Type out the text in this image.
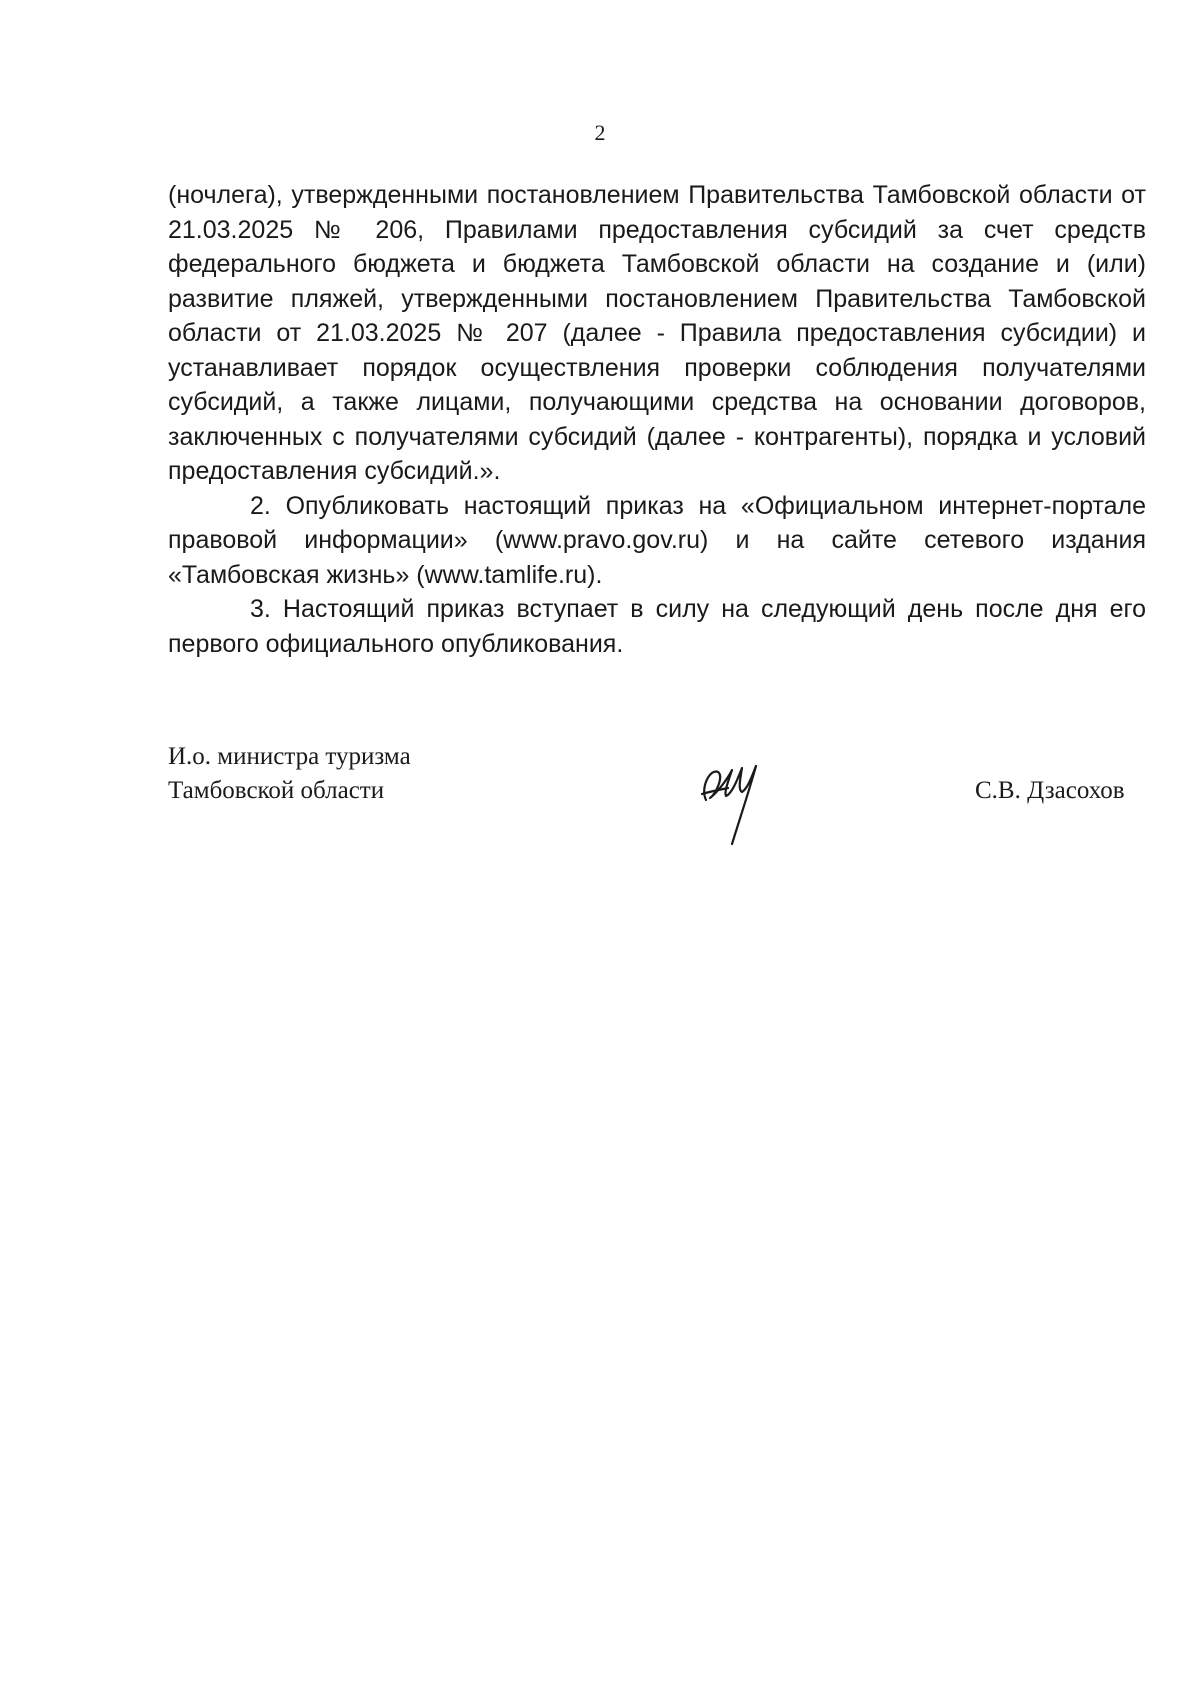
2

(ночлега), утвержденными постановлением Правительства Тамбовской области от 21.03.2025 № 206, Правилами предоставления субсидий за счет средств федерального бюджета и бюджета Тамбовской области на создание и (или) развитие пляжей, утвержденными постановлением Правительства Тамбовской области от 21.03.2025 № 207 (далее - Правила предоставления субсидии) и устанавливает порядок осуществления проверки соблюдения получателями субсидий, а также лицами, получающими средства на основании договоров, заключенных с получателями субсидий (далее - контрагенты), порядка и условий предоставления субсидий.».

2. Опубликовать настоящий приказ на «Официальном интернет-портале правовой информации» (www.pravo.gov.ru) и на сайте сетевого издания «Тамбовская жизнь» (www.tamlife.ru).

3. Настоящий приказ вступает в силу на следующий день после дня его первого официального опубликования.

И.о. министра туризма
Тамбовской области	С.В. Дзасохов
